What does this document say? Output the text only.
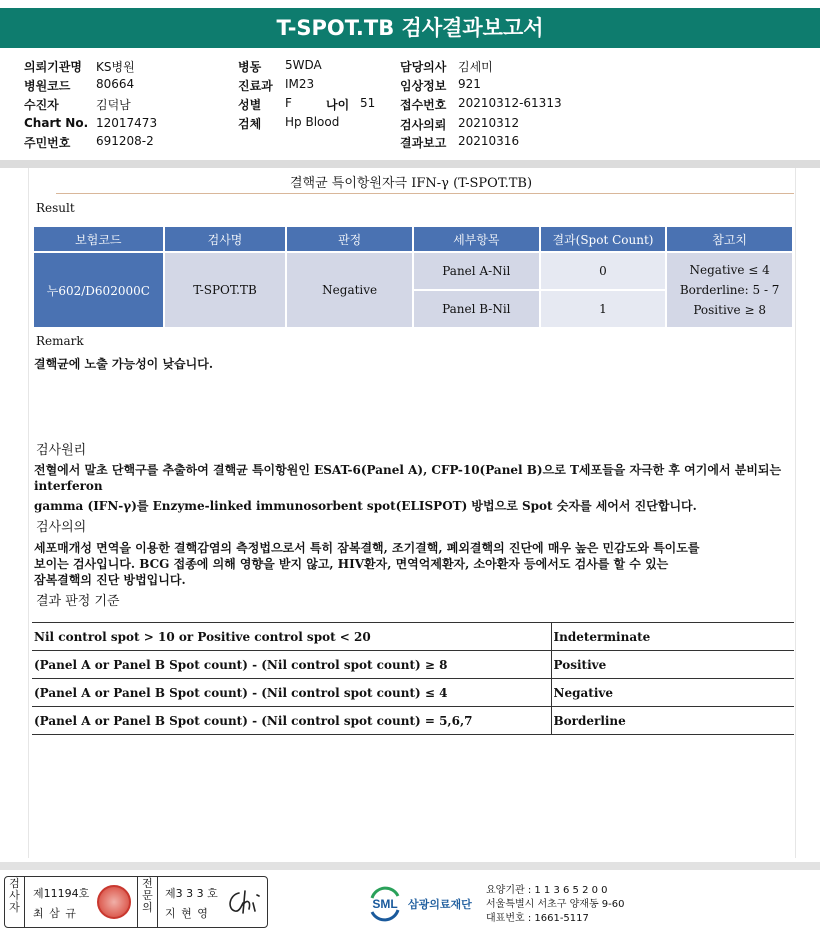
T-SPOT.TB 검사결과보고서
의뢰기관명 KS병원
병원코드 80664
수진자	김덕남
Chart No. 12017473
주민번호 691208-2
병동 5WDA
진료과 IM23
성별 F	나이 51
검체 Hp Blood
담당의사 김세미
임상정보 921
접수번호 20210312-61313
검사의뢰 20210312
결과보고 20210316
결핵균 특이항원자극 IFN-γ (T-SPOT.TB)
Result
보험코드	검사명	판정	세부항목	결과(Spot Count)	참고치
누602/D602000C	T-SPOT.TB	Negative	Panel A-Nil	0	Negative ≤ 4
Borderline: 5 - 7
Positive ≥ 8

			Panel B-Nil	1	
Remark
결핵균에 노출 가능성이 낮습니다.
검사원리
전혈에서 말초 단핵구를 추출하여 결핵균 특이항원인 ESAT-6(Panel A), CFP-10(Panel B)으로 T세포들을 자극한 후 여기에서 분비되는 interferon
gamma (IFN-γ)를 Enzyme-linked immunosorbent spot(ELISPOT) 방법으로 Spot 숫자를 세어서 진단합니다.
검사의의
세포매개성 면역을 이용한 결핵감염의 측정법으로서 특히 잠복결핵, 조기결핵, 폐외결핵의 진단에 매우 높은 민감도와 특이도를
보이는 검사입니다. BCG 접종에 의해 영향을 받지 않고, HIV환자, 면역억제환자, 소아환자 등에서도 검사를 할 수 있는
잠복결핵의 진단 방법입니다.
결과 판정 기준
Nil control spot > 10 or Positive control spot < 20	Indeterminate
(Panel A or Panel B Spot count) - (Nil control spot count) ≥ 8	Positive
(Panel A or Panel B Spot count) - (Nil control spot count) ≤ 4	Negative
(Panel A or Panel B Spot count) - (Nil control spot count) = 5,6,7	Borderline
검
사
자
제11194호
최 삼 규
전
문
의
제3 3 3 호
지 현 영
SML 삼광의료재단
요양기관 : 1 1 3 6 5 2 0 0
서울특별시 서초구 양재동 9-60
대표번호 : 1661-5117
